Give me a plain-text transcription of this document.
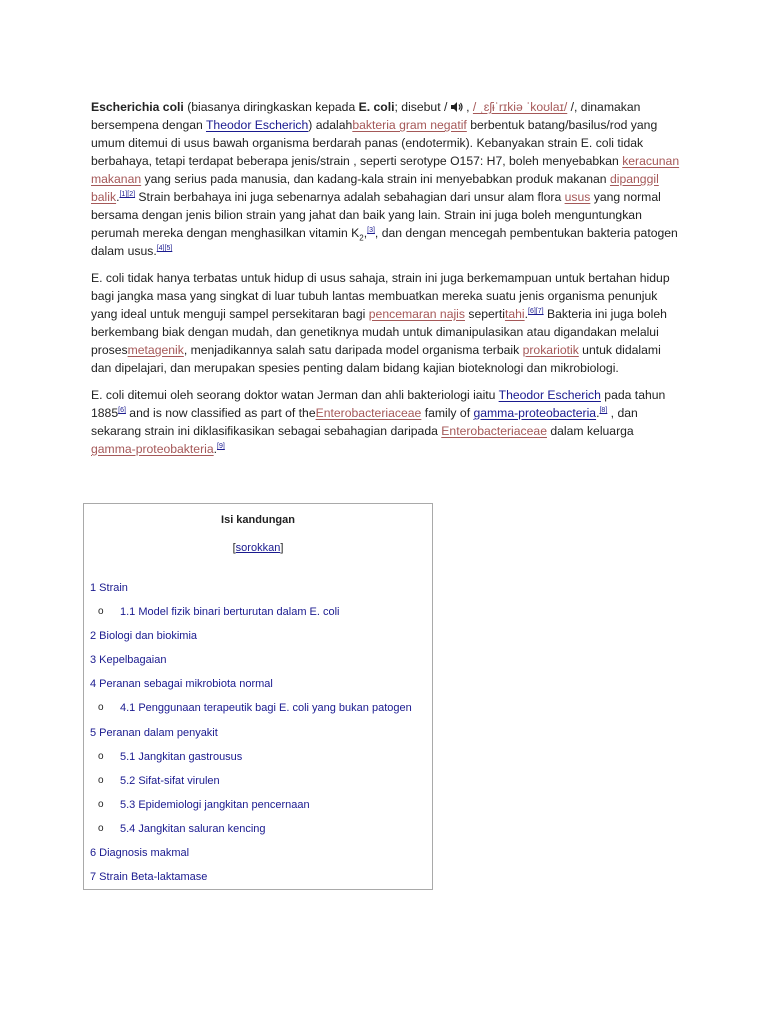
Escherichia coli (biasanya diringkaskan kepada E. coli; disebut /  , / ˌɛʃɨˈrɪkiə ˈkoʊlaɪ/ /, dinamakan bersempena dengan Theodor Escherich) adalahbakteria gram negatif berbentuk batang/basilus/rod yang umum ditemui di usus bawah organisma berdarah panas (endotermik). Kebanyakan strain E. coli tidak berbahaya, tetapi terdapat beberapa jenis/strain , seperti serotype O157: H7, boleh menyebabkan keracunan makanan yang serius pada manusia, dan kadang-kala strain ini menyebabkan produk makanan dipanggil balik.[1][2] Strain berbahaya ini juga sebenarnya adalah sebahagian dari unsur alam flora usus yang normal bersama dengan jenis bilion strain yang jahat dan baik yang lain. Strain ini juga boleh menguntungkan perumah mereka dengan menghasilkan vitamin $K_2,[3]$, dan dengan mencegah pembentukan bakteria patogen dalam usus.[4][5]

E. coli tidak hanya terbatas untuk hidup di usus sahaja, strain ini juga berkemampuan untuk bertahan hidup bagi jangka masa yang singkat di luar tubuh lantas membuatkan mereka suatu jenis organisma penunjuk yang ideal untuk menguji sampel persekitaran bagi pencemaran najis sepertitahi.[6][7] Bakteria ini juga boleh berkembang biak dengan mudah, dan genetiknya mudah untuk dimanipulasikan atau digandakan melalui prosesmetagenik, menjadikannya salah satu daripada model organisma terbaik prokariotik untuk didalami dan dipelajari, dan merupakan spesies penting dalam bidang kajian bioteknologi dan mikrobiologi.

E. coli ditemui oleh seorang doktor watan Jerman dan ahli bakteriologi iaitu Theodor Escherich pada tahun 1885[6] and is now classified as part of theEnterobacteriaceae family of gamma-proteobacteria.[8] , dan sekarang strain ini diklasifikasikan sebagai sebahagian daripada Enterobacteriaceae dalam keluarga gamma-proteobakteria.[9]

Isi kandungan
[sorokkan]
1 Strain
o 1.1 Model fizik binari berturutan dalam E. coli
2 Biologi dan biokimia
3 Kepelbagaian
4 Peranan sebagai mikrobiota normal
o 4.1 Penggunaan terapeutik bagi E. coli yang bukan patogen
5 Peranan dalam penyakit
o 5.1 Jangkitan gastrousus
o 5.2 Sifat-sifat virulen
o 5.3 Epidemiologi jangkitan pencernaan
o 5.4 Jangkitan saluran kencing
6 Diagnosis makmal
7 Strain Beta-laktamase
